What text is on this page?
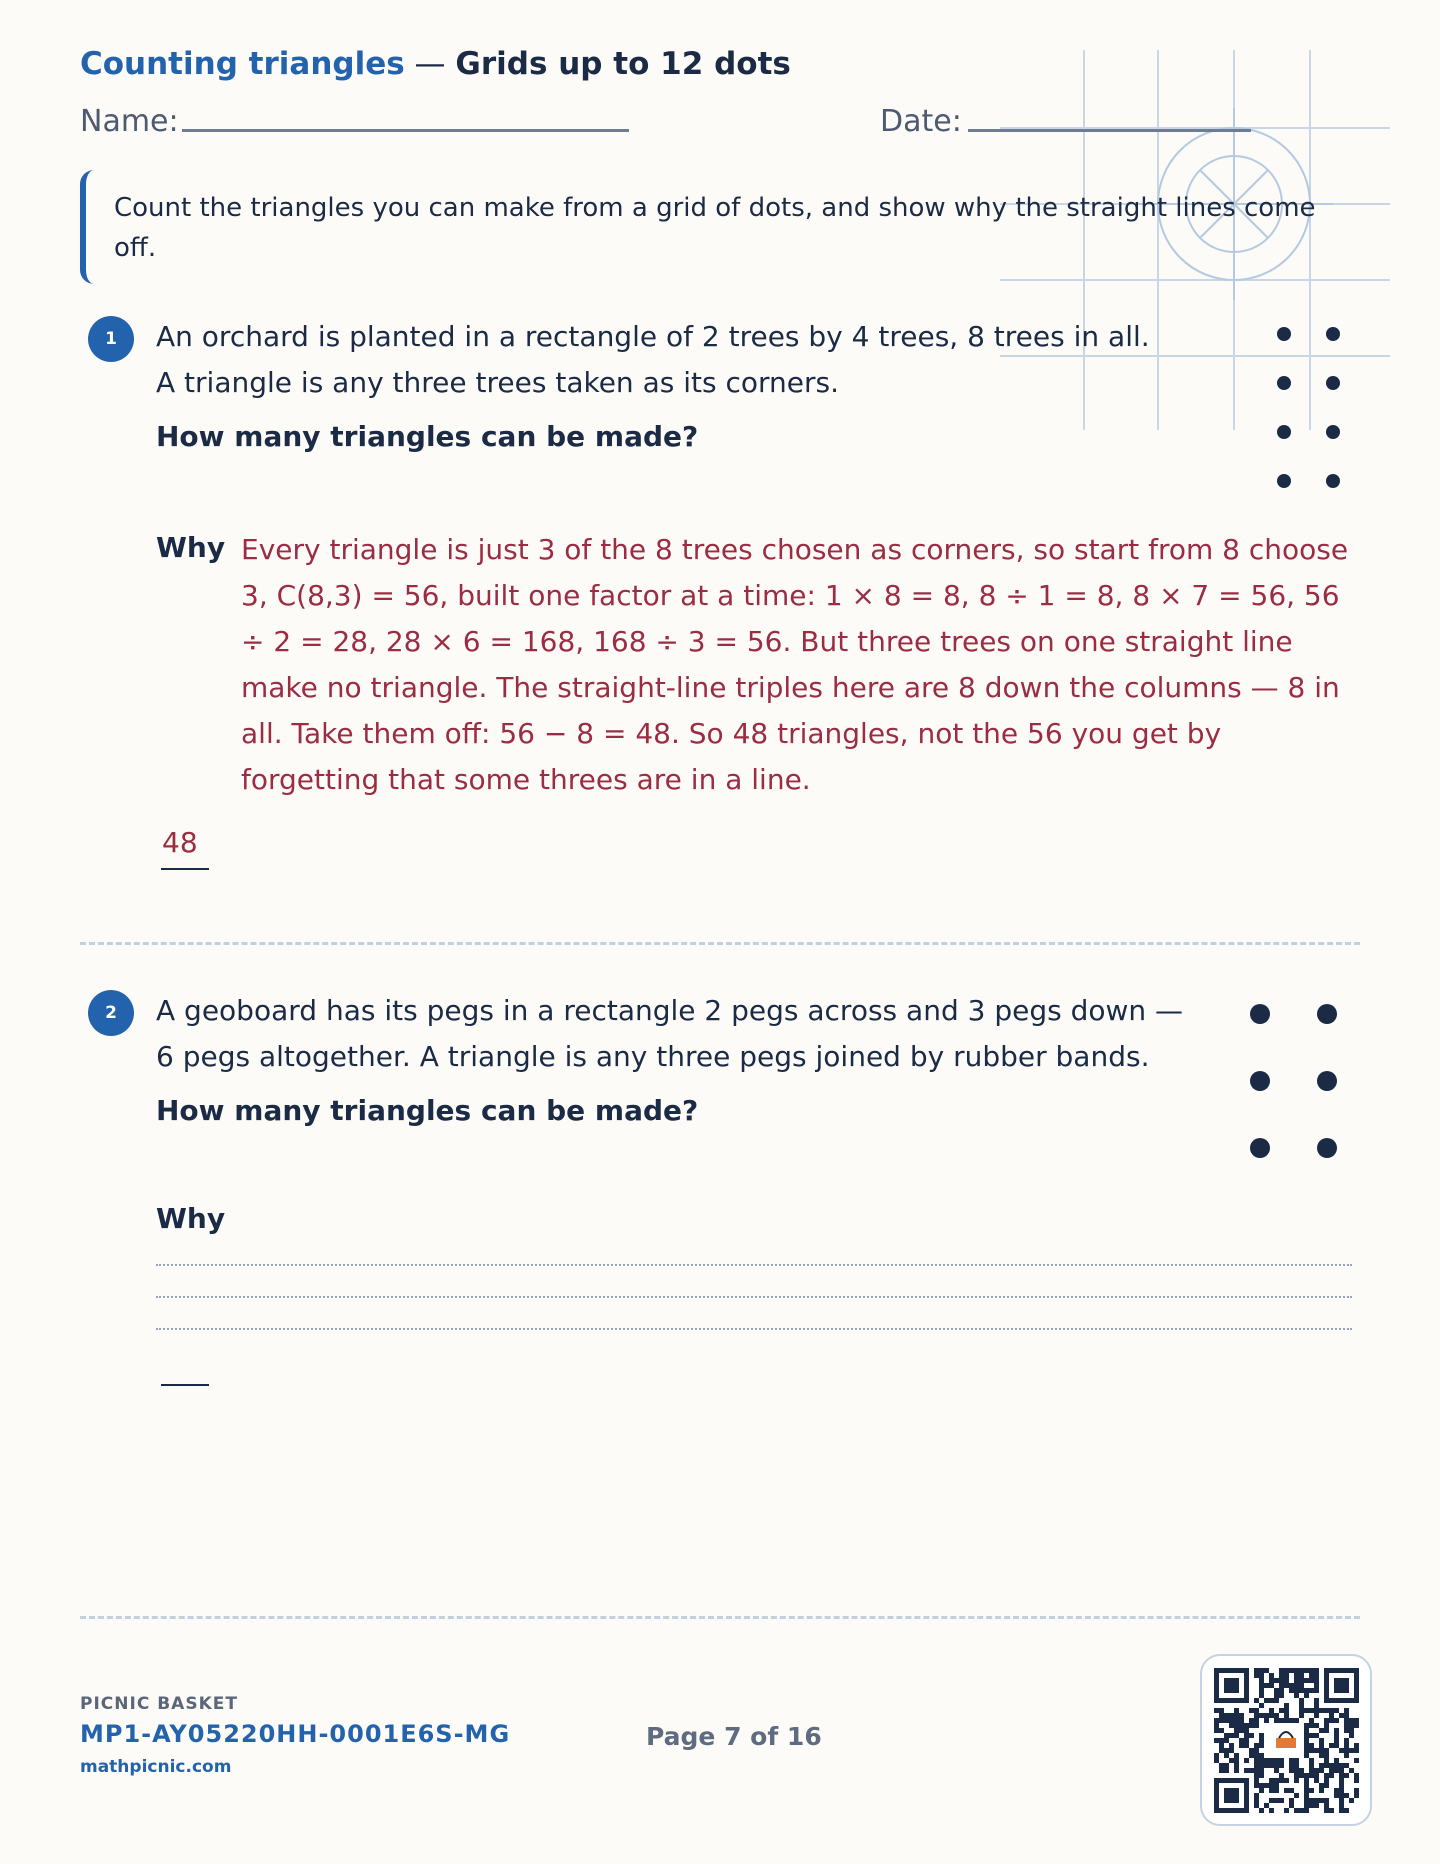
Counting triangles — Grids up to 12 dots
Name:	Date:

Count the triangles you can make from a grid of dots, and show why the straight lines come off.

1	An orchard is planted in a rectangle of 2 trees by 4 trees, 8 trees in all. A triangle is any three trees taken as its corners.
How many triangles can be made?
Why Every triangle is just 3 of the 8 trees chosen as corners, so start from 8 choose 3, C(8,3) = 56, built one factor at a time: 1 × 8 = 8, 8 ÷ 1 = 8, 8 × 7 = 56, 56 ÷ 2 = 28, 28 × 6 = 168, 168 ÷ 3 = 56. But three trees on one straight line make no triangle. The straight-line triples here are 8 down the columns — 8 in all. Take them off: 56 − 8 = 48. So 48 triangles, not the 56 you get by forgetting that some threes are in a line.
48
2	A geoboard has its pegs in a rectangle 2 pegs across and 3 pegs down — 6 pegs altogether. A triangle is any three pegs joined by rubber bands.
How many triangles can be made?
Why
PICNIC BASKET
MP1-AY05220HH-0001E6S-MG
mathpicnic.com
Page 7 of 16
